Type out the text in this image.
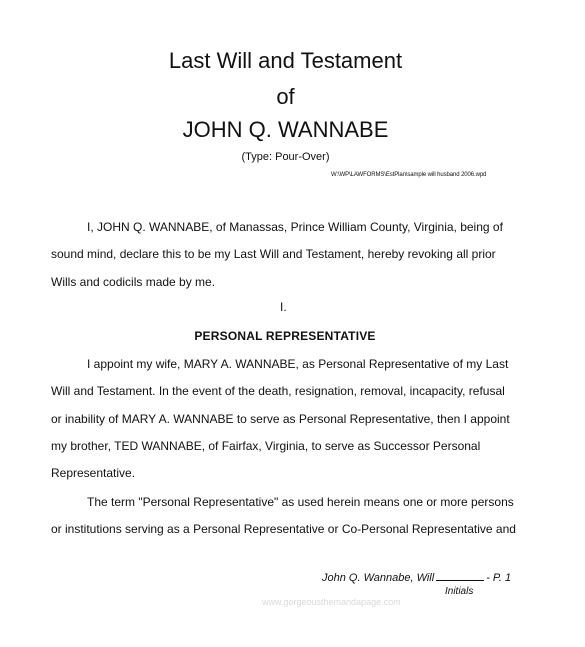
Last Will and Testament
of
JOHN Q. WANNABE
(Type: Pour-Over)
W:\WP\LAWFORMS\EstPlan\sample will husband 2006.wpd
I, JOHN Q. WANNABE, of Manassas, Prince William County, Virginia, being of
sound mind, declare this to be my Last Will and Testament, hereby revoking all prior
Wills and codicils made by me.
I.
PERSONAL REPRESENTATIVE
I appoint my wife, MARY A. WANNABE, as Personal Representative of my Last
Will and Testament. In the event of the death, resignation, removal, incapacity, refusal
or inability of MARY A. WANNABE to serve as Personal Representative, then I appoint
my brother, TED WANNABE, of Fairfax, Virginia, to serve as Successor Personal
Representative.
The term "Personal Representative" as used herein means one or more persons
or institutions serving as a Personal Representative or Co-Personal Representative and
John Q. Wannabe, Will	- P. 1
Initials
www.gorgeousthemandapage.com
